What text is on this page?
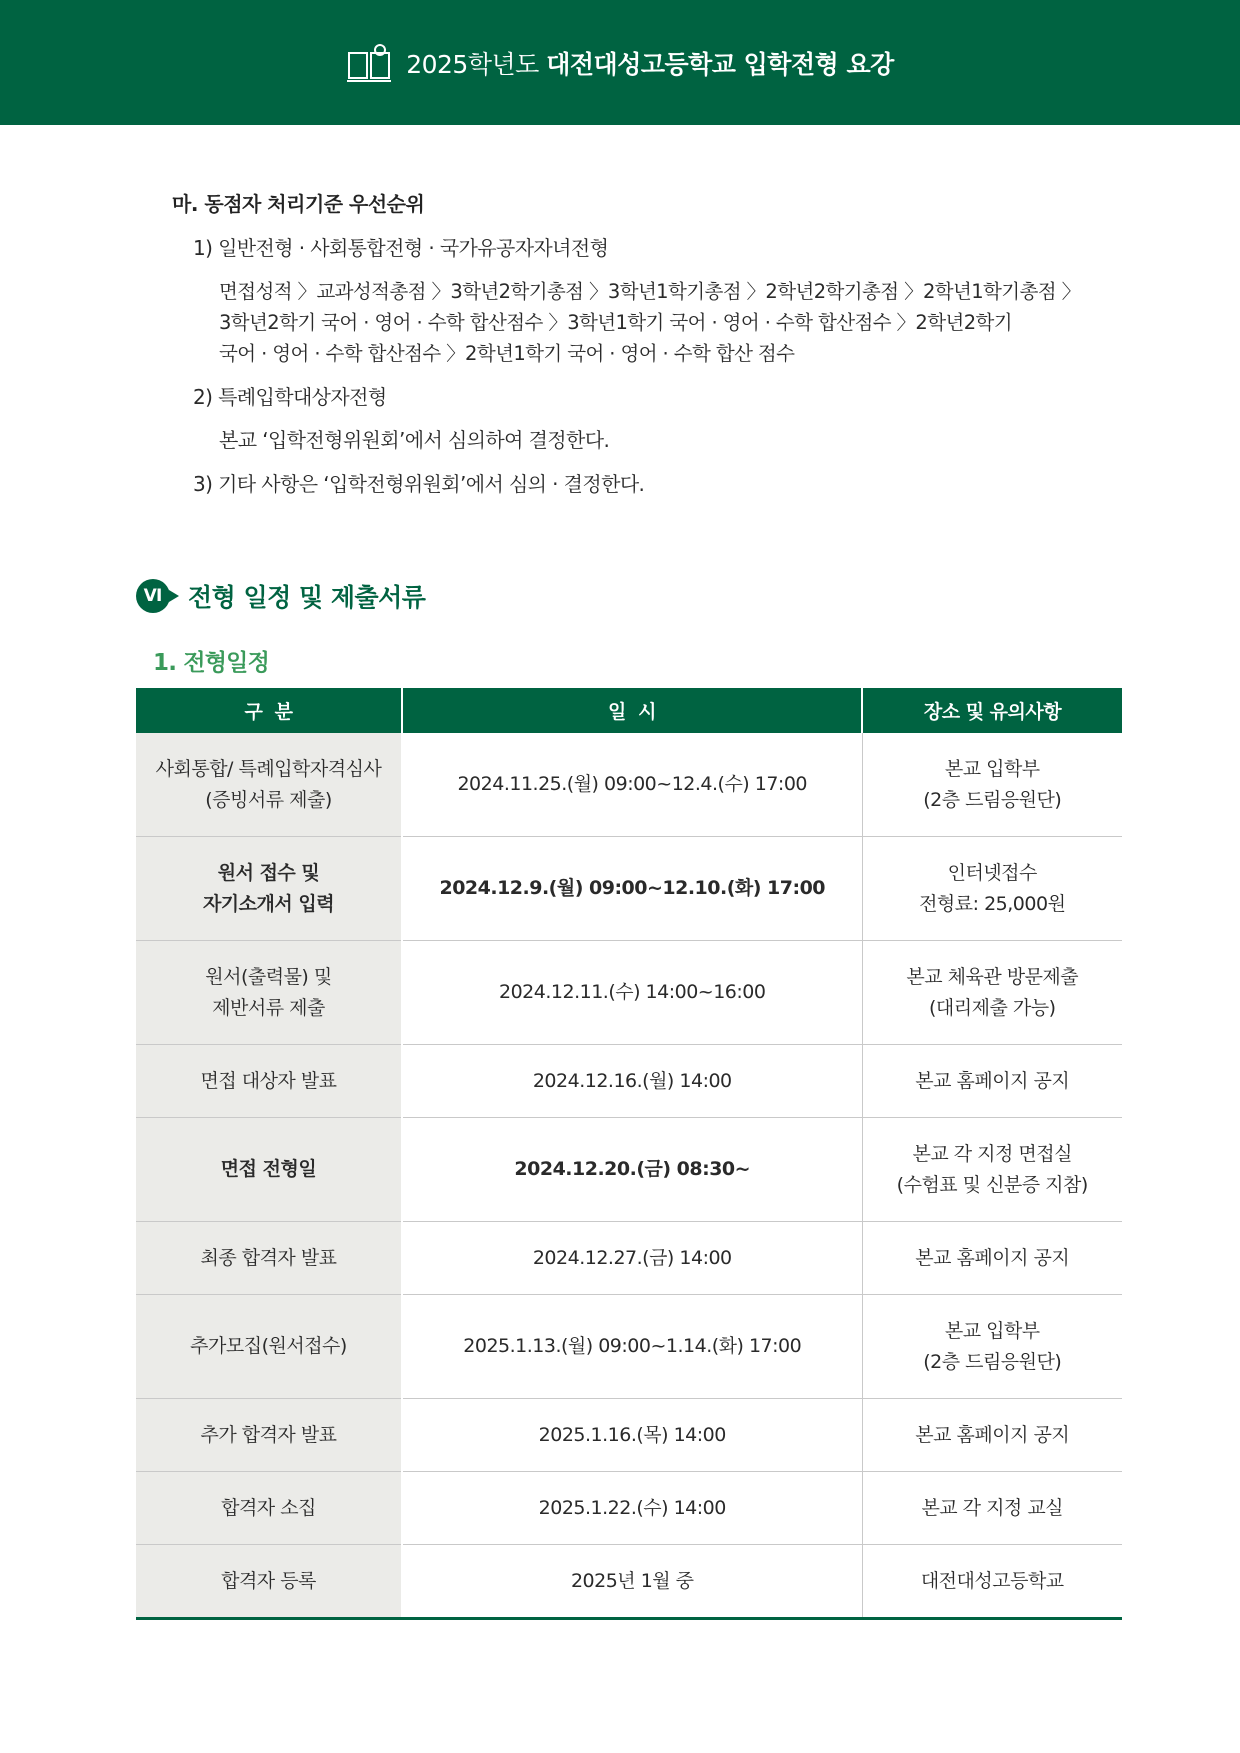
2025학년도 대전대성고등학교 입학전형 요강
마. 동점자 처리기준 우선순위
1) 일반전형 · 사회통합전형 · 국가유공자자녀전형
면접성적 〉교과성적총점 〉3학년2학기총점 〉3학년1학기총점 〉2학년2학기총점 〉2학년1학기총점 〉
3학년2학기 국어 · 영어 · 수학 합산점수 〉3학년1학기 국어 · 영어 · 수학 합산점수 〉2학년2학기
국어 · 영어 · 수학 합산점수 〉2학년1학기 국어 · 영어 · 수학 합산 점수
2) 특례입학대상자전형
본교 ‘입학전형위원회’에서 심의하여 결정한다.
3) 기타 사항은 ‘입학전형위원회’에서 심의 · 결정한다.
Ⅵ	전형 일정 및 제출서류
1. 전형일정
구  분	일  시	장소 및 유의사항

사회통합/ 특례입학자격심사
(증빙서류 제출)	2024.11.25.(월) 09:00~12.4.(수) 17:00	본교 입학부
(2층 드림응원단)

원서 접수 및
자기소개서 입력	2024.12.9.(월) 09:00~12.10.(화) 17:00	인터넷접수
전형료: 25,000원

원서(출력물) 및
제반서류 제출	2024.12.11.(수) 14:00~16:00	본교 체육관 방문제출
(대리제출 가능)

면접 대상자 발표	2024.12.16.(월) 14:00	본교 홈페이지 공지
면접 전형일	2024.12.20.(금) 08:30~	본교 각 지정 면접실
(수험표 및 신분증 지참)

최종 합격자 발표	2024.12.27.(금) 14:00	본교 홈페이지 공지
추가모집(원서접수)	2025.1.13.(월) 09:00~1.14.(화) 17:00	본교 입학부
(2층 드림응원단)

추가 합격자 발표	2025.1.16.(목) 14:00	본교 홈페이지 공지
합격자 소집	2025.1.22.(수) 14:00	본교 각 지정 교실
합격자 등록	2025년 1월 중	대전대성고등학교
